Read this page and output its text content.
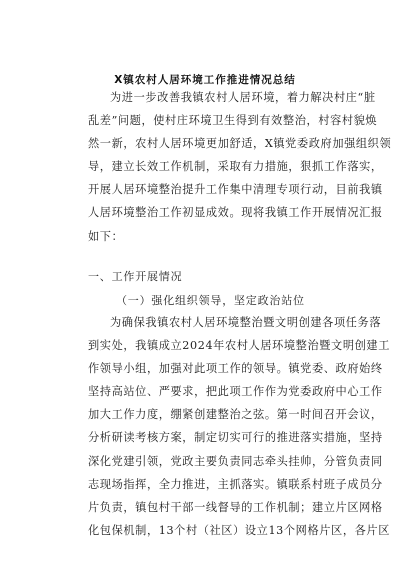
X镇农村人居环境工作推进情况总结
为进一步改善我镇农村人居环境，着力解决村庄“脏
乱差”问题，使村庄环境卫生得到有效整治，村容村貌焕
然一新，农村人居环境更加舒适，X镇党委政府加强组织领
导，建立长效工作机制，采取有力措施，狠抓工作落实，
开展人居环境整治提升工作集中清理专项行动，目前我镇
人居环境整治工作初显成效。现将我镇工作开展情况汇报
如下：
一、工作开展情况
（一）强化组织领导，坚定政治站位
为确保我镇农村人居环境整治暨文明创建各项任务落
到实处，我镇成立2024年农村人居环境整治暨文明创建工
作领导小组，加强对此项工作的领导。镇党委、政府始终
坚持高站位、严要求，把此项工作作为党委政府中心工作
加大工作力度，绷紧创建整治之弦。第一时间召开会议，
分析研读考核方案，制定切实可行的推进落实措施，坚持
深化党建引领，党政主要负责同志牵头挂帅，分管负责同
志现场指挥，全力推进，主抓落实。镇联系村班子成员分
片负责，镇包村干部一线督导的工作机制；建立片区网格
化包保机制，13个村（社区）设立13个网格片区，各片区
